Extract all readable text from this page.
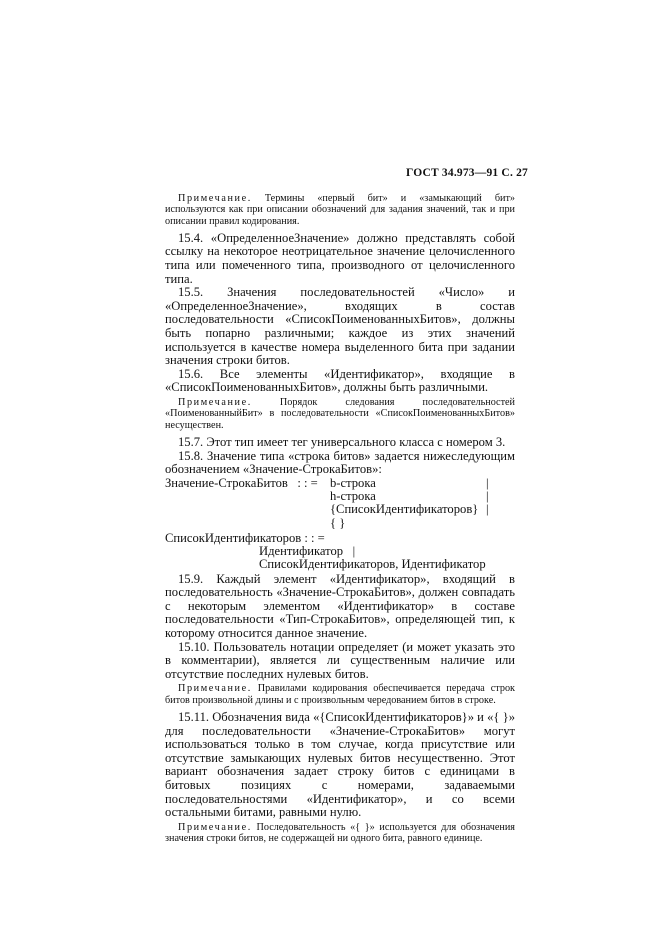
ГОСТ 34.973—91 С. 27

Примечание. Термины «первый бит» и «замыкающий бит» используются как при описании обозначений для задания значений, так и при описании правил кодирования.

15.4. «ОпределенноеЗначение» должно представлять собой ссылку на некоторое неотрицательное значение целочисленного типа или помеченного типа, производного от целочисленного типа.

15.5. Значения последовательностей «Число» и «ОпределенноеЗначение», входящих в состав последовательности «СписокПоименованныхБитов», должны быть попарно различными; каждое из этих значений используется в качестве номера выделенного бита при задании значения строки битов.

15.6. Все элементы «Идентификатор», входящие в «СписокПоименованныхБитов», должны быть различными.

Примечание.	Порядок следования последовательностей «ПоименованныйБит» в последовательности «СписокПоименованныхБитов» несуществен.

15.7. Этот тип имеет тег универсального класса с номером 3.

15.8. Значение типа «строка битов» задается нижеследующим обозначением «Значение-СтрокаБитов»:

Значение-СтрокаБитов : : = b-строка
h-строка
{СписокИдентификаторов}
{ }
|
|
|
СписокИдентификаторов : : =
Идентификатор |
СписокИдентификаторов, Идентификатор

15.9. Каждый элемент «Идентификатор», входящий в последовательность «Значение-СтрокаБитов», должен совпадать с некоторым элементом «Идентификатор» в составе последовательности «Тип-СтрокаБитов», определяющей тип, к которому относится данное значение.

15.10. Пользователь нотации определяет (и может указать это в комментарии), является ли существенным наличие или отсутствие последних нулевых битов.

Примечание. Правилами кодирования обеспечивается передача строк битов произвольной длины и с произвольным чередованием битов в строке.

15.11. Обозначения вида «{СписокИдентификаторов}» и «{ }» для последовательности «Значение-СтрокаБитов» могут использоваться только в том случае, когда присутствие или отсутствие замыкающих нулевых битов несущественно. Этот вариант обозначения задает строку битов с единицами в битовых позициях с номерами, задаваемыми последовательностями «Идентификатор», и со всеми остальными битами, равными нулю.

Примечание. Последовательность «{ }» используется для обозначения значения строки битов, не содержащей ни одного бита, равного единице.
